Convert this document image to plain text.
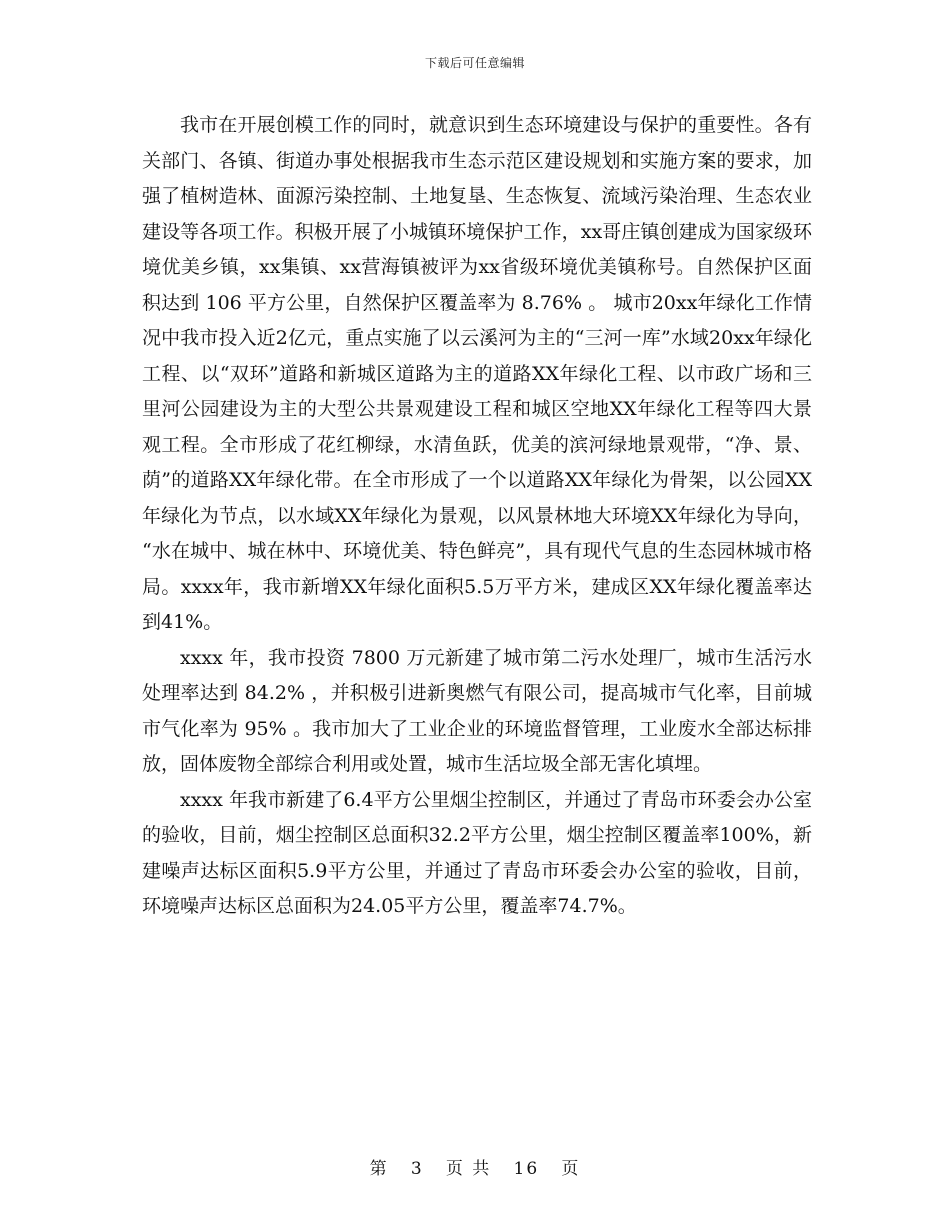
下载后可任意编辑

我市在开展创模工作的同时，就意识到生态环境建设与保护的重要性。各有关部门、各镇、街道办事处根据我市生态示范区建设规划和实施方案的要求，加强了植树造林、面源污染控制、土地复垦、生态恢复、流域污染治理、生态农业建设等各项工作。积极开展了小城镇环境保护工作，xx哥庄镇创建成为国家级环境优美乡镇，xx集镇、xx营海镇被评为xx省级环境优美镇称号。自然保护区面积达到 106 平方公里，自然保护区覆盖率为 8.76% 。 城市20xx年绿化工作情况中我市投入近2亿元，重点实施了以云溪河为主的“三河一库”水域20xx年绿化工程、以“双环”道路和新城区道路为主的道路XX年绿化工程、以市政广场和三里河公园建设为主的大型公共景观建设工程和城区空地XX年绿化工程等四大景观工程。全市形成了花红柳绿，水清鱼跃，优美的滨河绿地景观带，“净、景、荫”的道路XX年绿化带。在全市形成了一个以道路XX年绿化为骨架，以公园XX年绿化为节点，以水域XX年绿化为景观，以风景林地大环境XX年绿化为导向，“水在城中、城在林中、环境优美、特色鲜亮”，具有现代气息的生态园林城市格局。xxxx年，我市新增XX年绿化面积5.5万平方米，建成区XX年绿化覆盖率达到41%。

xxxx 年，我市投资 7800 万元新建了城市第二污水处理厂，城市生活污水处理率达到 84.2% ，并积极引进新奥燃气有限公司，提高城市气化率，目前城市气化率为 95% 。我市加大了工业企业的环境监督管理，工业废水全部达标排放，固体废物全部综合利用或处置，城市生活垃圾全部无害化填埋。

xxxx 年我市新建了6.4平方公里烟尘控制区，并通过了青岛市环委会办公室的验收，目前，烟尘控制区总面积32.2平方公里，烟尘控制区覆盖率100%，新建噪声达标区面积5.9平方公里，并通过了青岛市环委会办公室的验收，目前，环境噪声达标区总面积为24.05平方公里，覆盖率74.7%。

第 3 页 共 16 页
